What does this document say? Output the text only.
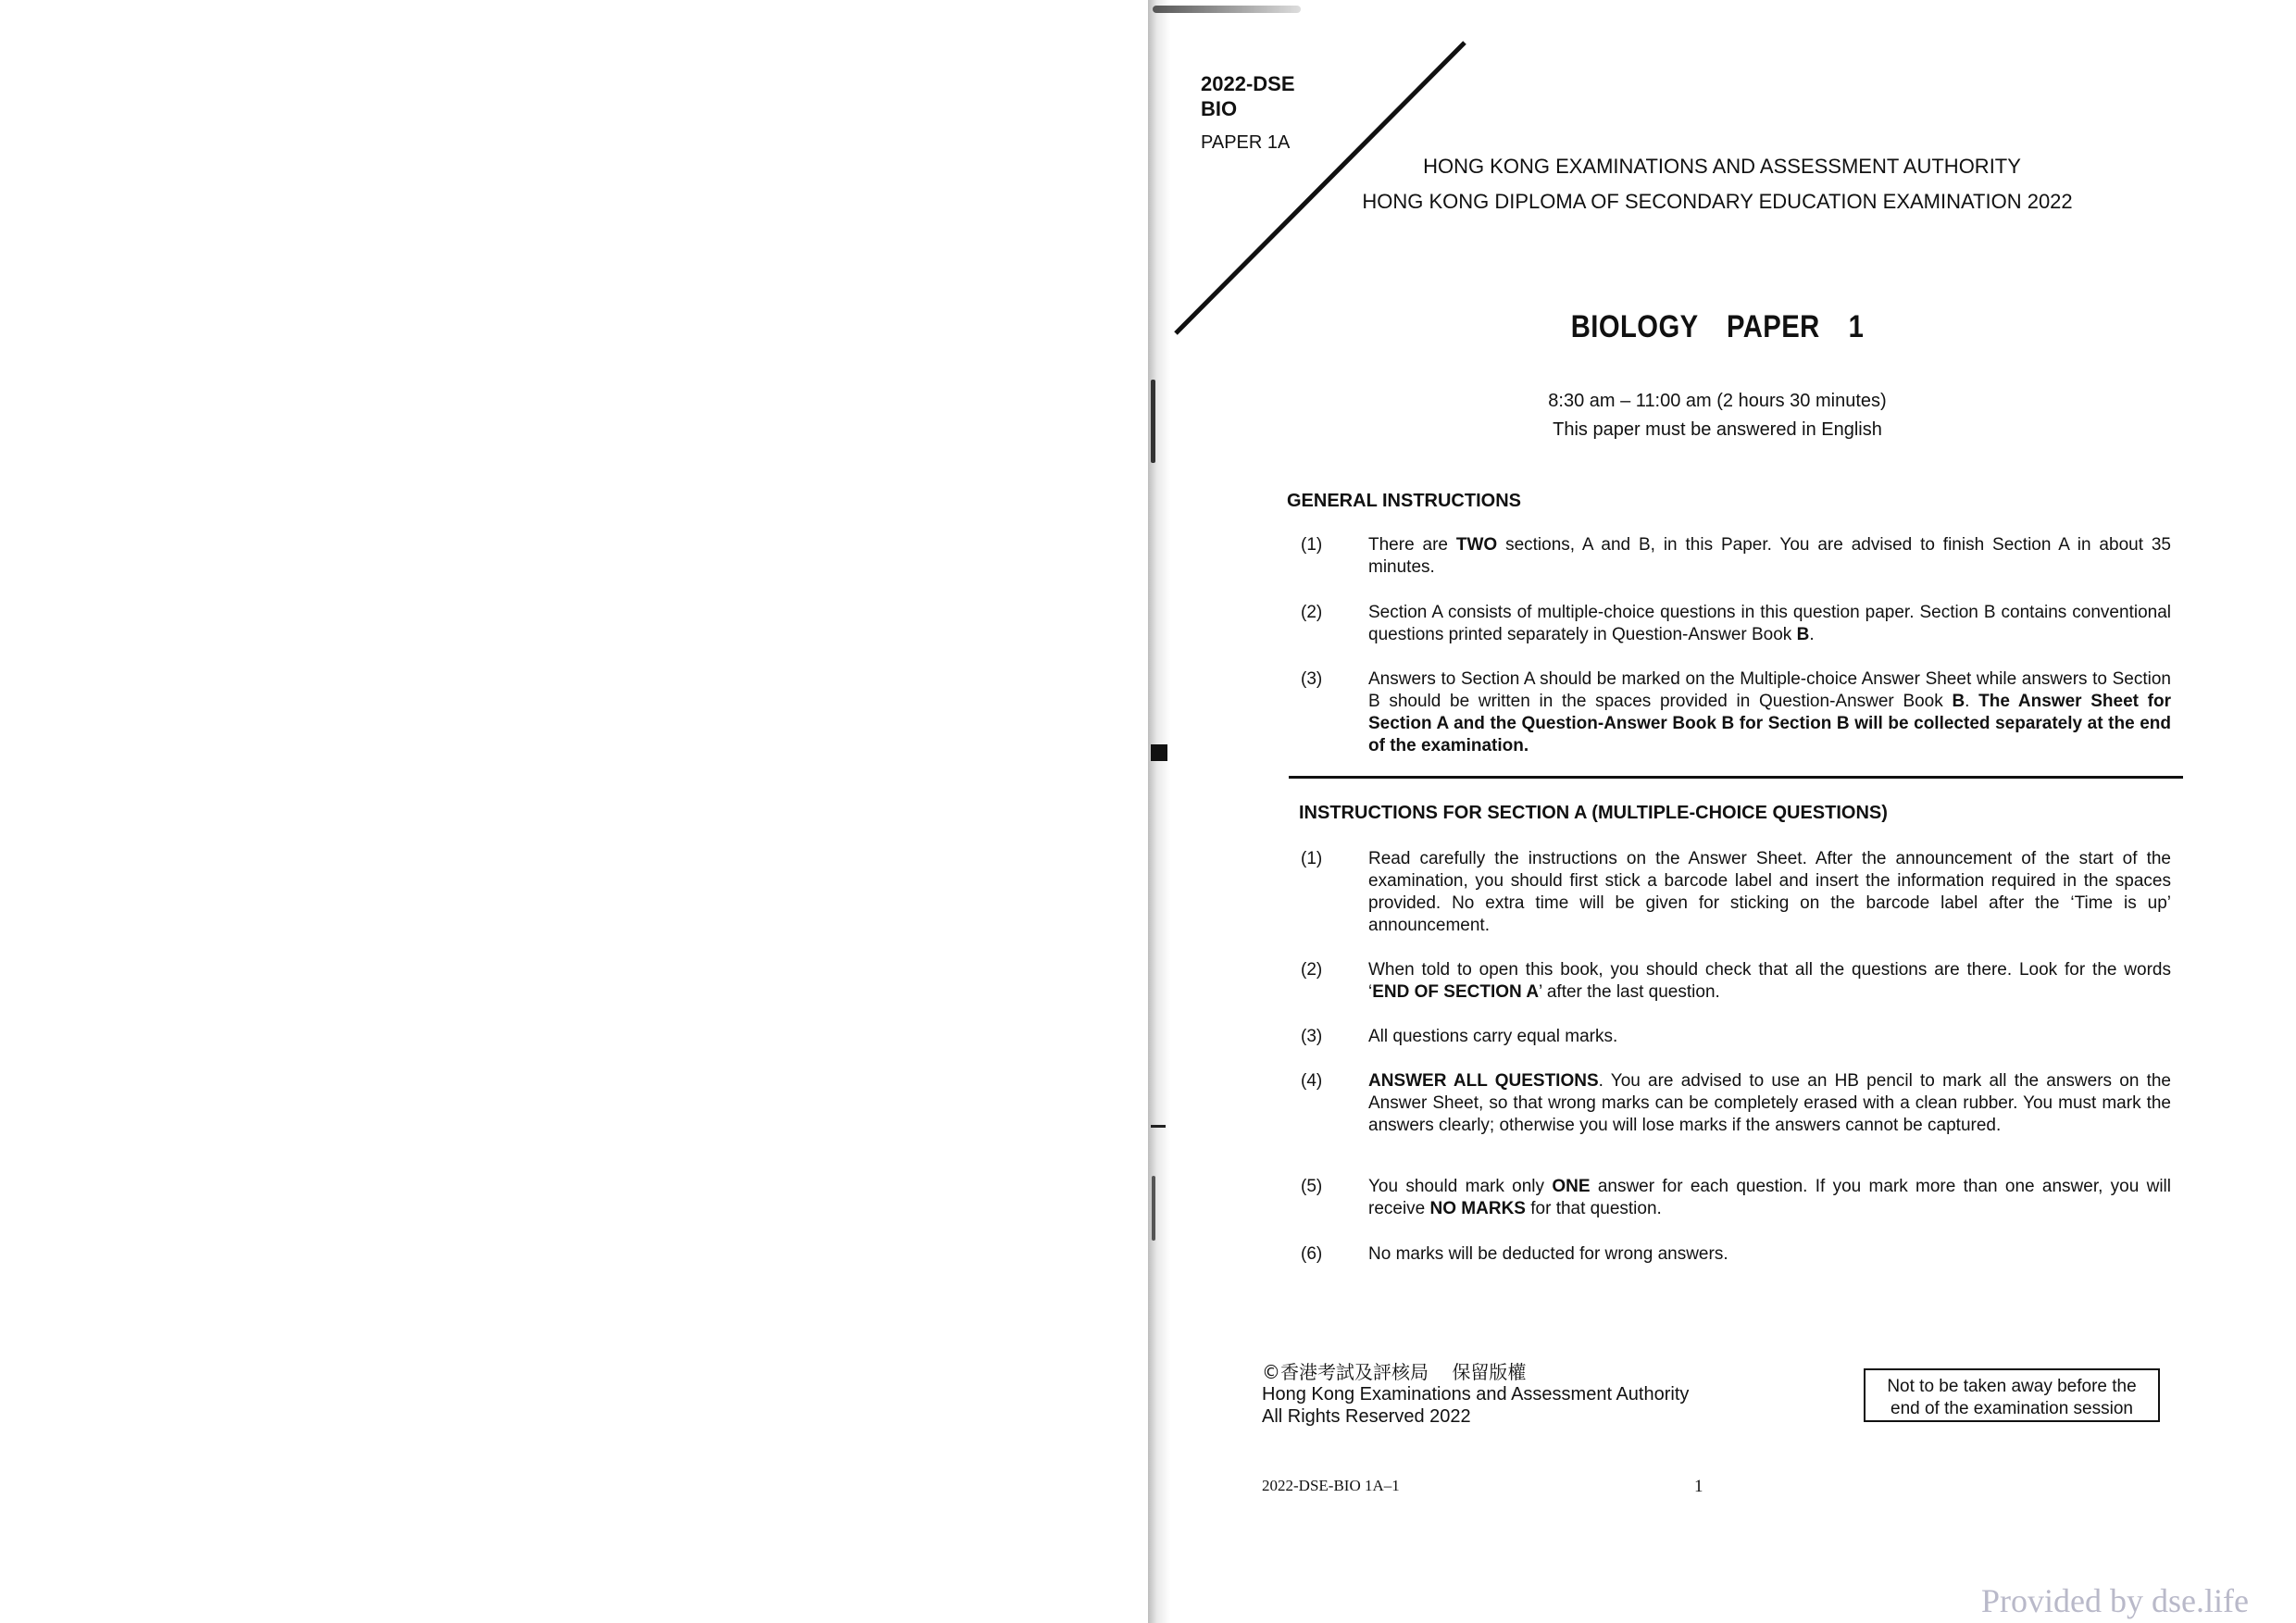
2022-DSE
BIO
PAPER 1A
HONG KONG EXAMINATIONS AND ASSESSMENT AUTHORITY
HONG KONG DIPLOMA OF SECONDARY EDUCATION EXAMINATION 2022
BIOLOGY PAPER 1
8:30 am – 11:00 am (2 hours 30 minutes)
This paper must be answered in English
GENERAL INSTRUCTIONS
(1)	There are TWO sections, A and B, in this Paper. You are advised to finish Section A in about 35 minutes.
(2)	Section A consists of multiple-choice questions in this question paper. Section B contains conventional questions printed separately in Question-Answer Book B.
(3)	Answers to Section A should be marked on the Multiple-choice Answer Sheet while answers to Section B should be written in the spaces provided in Question-Answer Book B. The Answer Sheet for Section A and the Question-Answer Book B for Section B will be collected separately at the end of the examination.
INSTRUCTIONS FOR SECTION A (MULTIPLE-CHOICE QUESTIONS)
(1)	Read carefully the instructions on the Answer Sheet. After the announcement of the start of the examination, you should first stick a barcode label and insert the information required in the spaces provided. No extra time will be given for sticking on the barcode label after the ‘Time is up’ announcement.
(2)	When told to open this book, you should check that all the questions are there. Look for the words ‘END OF SECTION A’ after the last question.
(3)	All questions carry equal marks.
(4)	ANSWER ALL QUESTIONS. You are advised to use an HB pencil to mark all the answers on the Answer Sheet, so that wrong marks can be completely erased with a clean rubber. You must mark the answers clearly; otherwise you will lose marks if the answers cannot be captured.
(5)	You should mark only ONE answer for each question. If you mark more than one answer, you will receive NO MARKS for that question.
(6)	No marks will be deducted for wrong answers.
©香港考試及評核局    保留版權
Hong Kong Examinations and Assessment Authority
All Rights Reserved 2022
Not to be taken away before the
end of the examination session
2022-DSE-BIO 1A–1	1
Provided by dse.life
